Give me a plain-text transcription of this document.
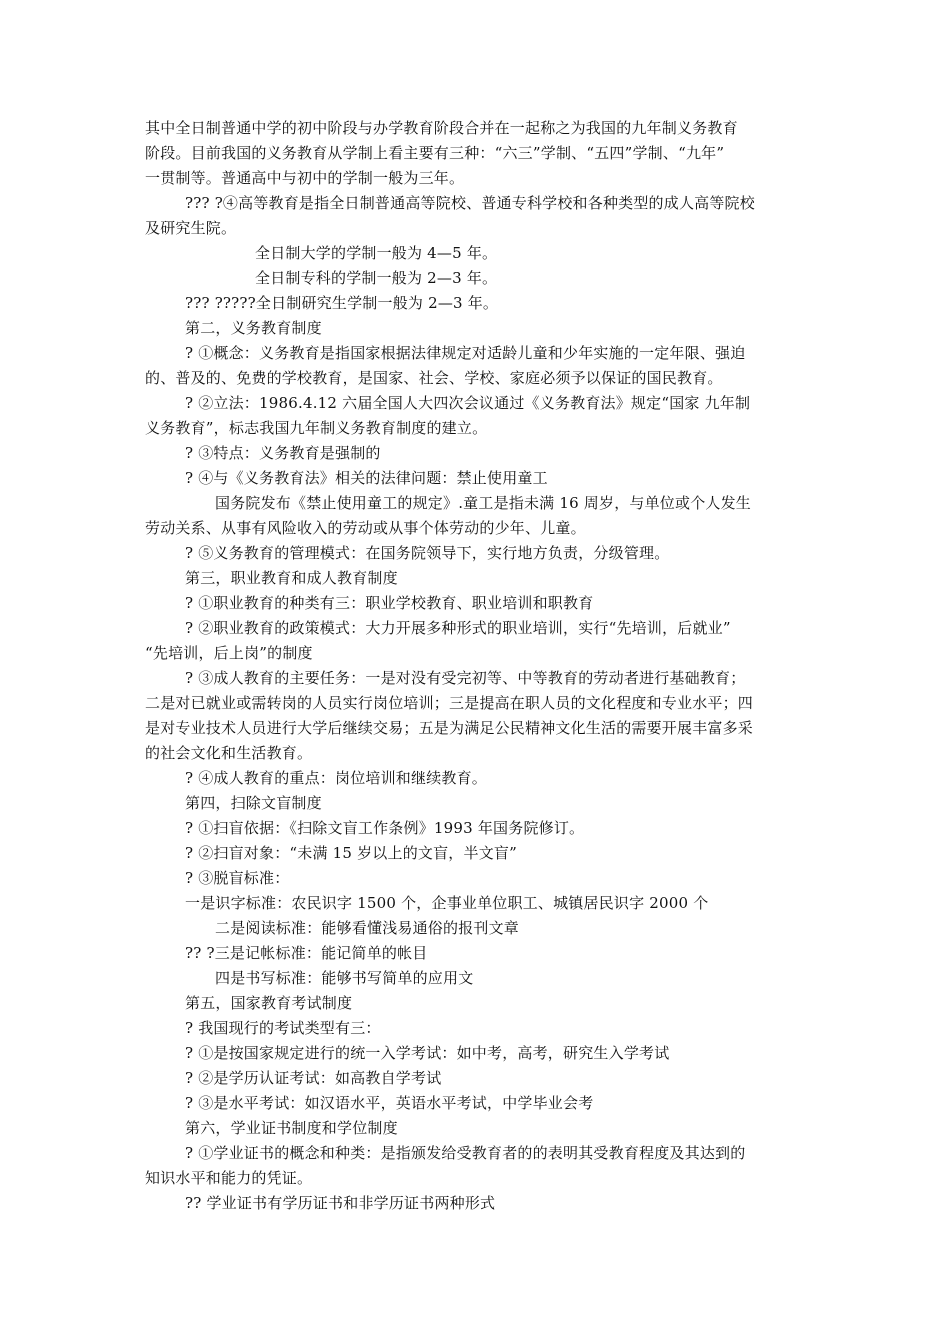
其中全日制普通中学的初中阶段与办学教育阶段合并在一起称之为我国的九年制义务教育
阶段。目前我国的义务教育从学制上看主要有三种：“六三”学制、“五四”学制、“九年”
一贯制等。普通高中与初中的学制一般为三年。
??? ?④高等教育是指全日制普通高等院校、普通专科学校和各种类型的成人高等院校
及研究生院。
全日制大学的学制一般为 4—5 年。
全日制专科的学制一般为 2—3 年。
??? ?????全日制研究生学制一般为 2—3 年。
第二，义务教育制度
? ①概念：义务教育是指国家根据法律规定对适龄儿童和少年实施的一定年限、强迫
的、普及的、免费的学校教育，是国家、社会、学校、家庭必须予以保证的国民教育。
? ②立法：1986.4.12 六届全国人大四次会议通过《义务教育法》规定“国家 九年制
义务教育”，标志我国九年制义务教育制度的建立。
? ③特点：义务教育是强制的
? ④与《义务教育法》相关的法律问题：禁止使用童工
国务院发布《禁止使用童工的规定》.童工是指未满 16 周岁，与单位或个人发生
劳动关系、从事有风险收入的劳动或从事个体劳动的少年、儿童。
? ⑤义务教育的管理模式：在国务院领导下，实行地方负责，分级管理。
第三，职业教育和成人教育制度
? ①职业教育的种类有三：职业学校教育、职业培训和职教育
? ②职业教育的政策模式：大力开展多种形式的职业培训，实行“先培训，后就业”
“先培训，后上岗”的制度
? ③成人教育的主要任务：一是对没有受完初等、中等教育的劳动者进行基础教育；
二是对已就业或需转岗的人员实行岗位培训；三是提高在职人员的文化程度和专业水平；四
是对专业技术人员进行大学后继续交易；五是为满足公民精神文化生活的需要开展丰富多采
的社会文化和生活教育。
? ④成人教育的重点：岗位培训和继续教育。
第四，扫除文盲制度
? ①扫盲依据：《扫除文盲工作条例》1993 年国务院修订。
? ②扫盲对象：“未满 15 岁以上的文盲，半文盲”
? ③脱盲标准：
一是识字标准：农民识字 1500 个，企事业单位职工、城镇居民识字 2000 个
二是阅读标准：能够看懂浅易通俗的报刊文章
?? ?三是记帐标准：能记简单的帐目
四是书写标准：能够书写简单的应用文
第五，国家教育考试制度
? 我国现行的考试类型有三：
? ①是按国家规定进行的统一入学考试：如中考，高考，研究生入学考试
? ②是学历认证考试：如高教自学考试
? ③是水平考试：如汉语水平，英语水平考试，中学毕业会考
第六，学业证书制度和学位制度
? ①学业证书的概念和种类：是指颁发给受教育者的的表明其受教育程度及其达到的
知识水平和能力的凭证。
?? 学业证书有学历证书和非学历证书两种形式
